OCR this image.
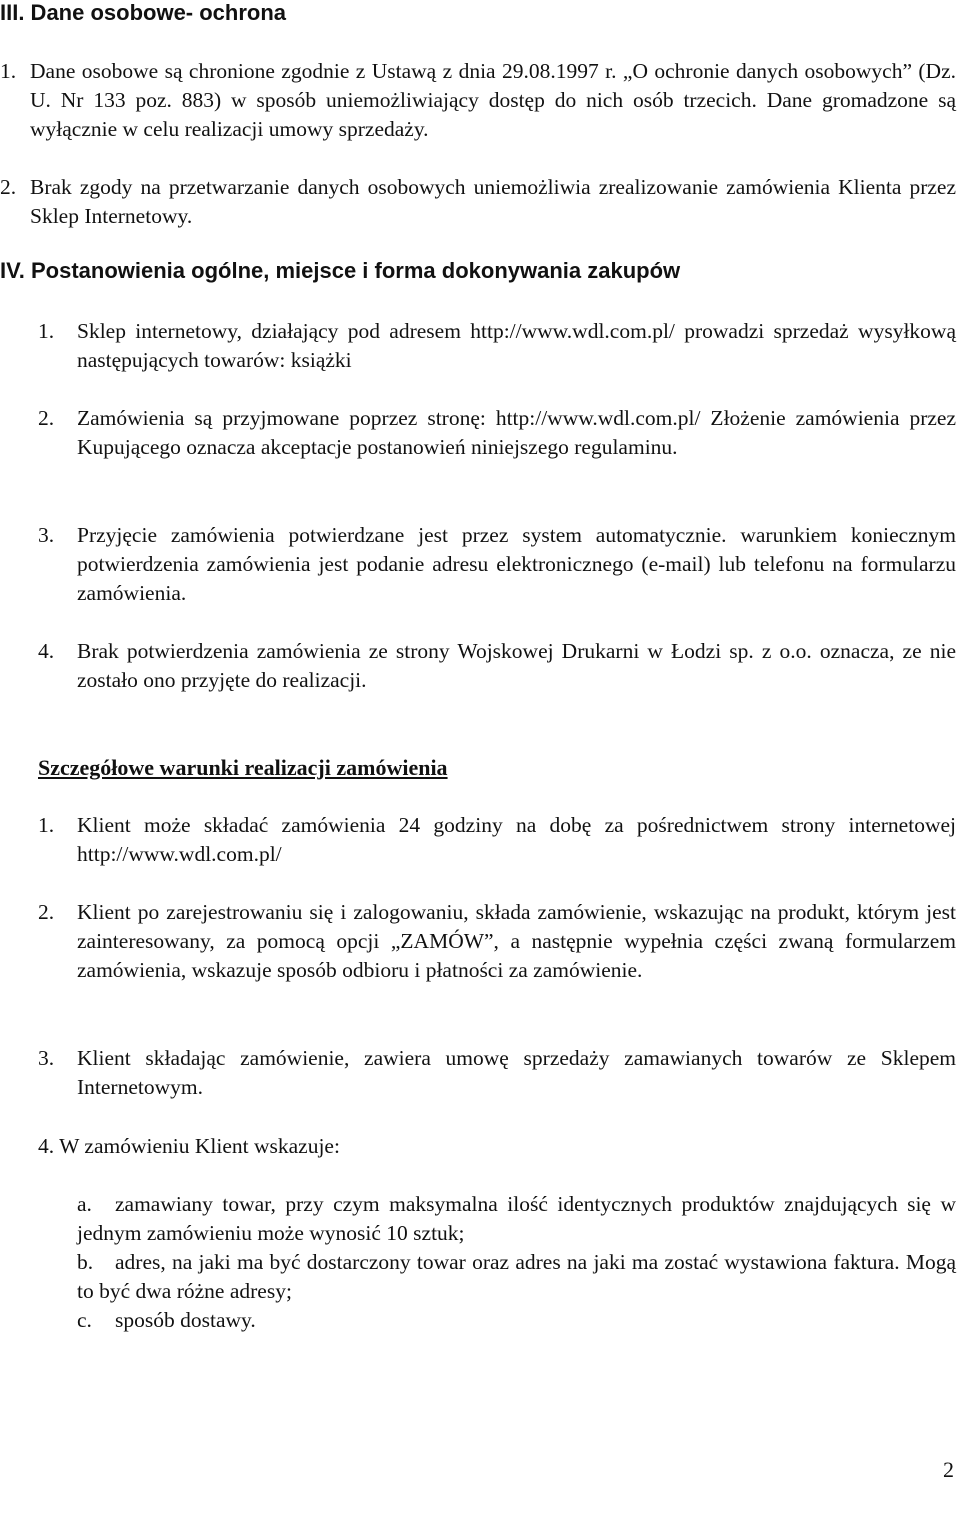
III. Dane osobowe- ochrona
1. Dane osobowe są chronione zgodnie z Ustawą z dnia 29.08.1997 r. „O ochronie danych osobowych” (Dz. U. Nr 133 poz. 883) w sposób uniemożliwiający dostęp do nich osób trzecich. Dane gromadzone są wyłącznie w celu realizacji umowy sprzedaży.
2. Brak zgody na przetwarzanie danych osobowych uniemożliwia zrealizowanie zamówienia Klienta przez Sklep Internetowy.
IV. Postanowienia ogólne, miejsce i forma dokonywania zakupów
1.	Sklep internetowy, działający pod adresem http://www.wdl.com.pl/ prowadzi sprzedaż wysyłkową następujących towarów: książki
2.	Zamówienia są przyjmowane poprzez stronę: http://www.wdl.com.pl/ Złożenie zamówienia przez Kupującego oznacza akceptacje postanowień niniejszego regulaminu.
3.	Przyjęcie zamówienia potwierdzane jest przez system automatycznie. warunkiem koniecznym potwierdzenia zamówienia jest podanie adresu elektronicznego (e-mail) lub telefonu na formularzu zamówienia.
4.	Brak potwierdzenia zamówienia ze strony Wojskowej Drukarni w Łodzi sp. z o.o. oznacza, ze nie zostało ono przyjęte do realizacji.
Szczegółowe warunki realizacji zamówienia
1.	Klient może składać zamówienia 24 godziny na dobę za pośrednictwem strony internetowej http://www.wdl.com.pl/
2.	Klient po zarejestrowaniu się i zalogowaniu, składa zamówienie, wskazując na produkt, którym jest zainteresowany, za pomocą opcji „ZAMÓW”, a następnie wypełnia części zwaną formularzem zamówienia, wskazuje sposób odbioru i płatności za zamówienie.
3.	Klient składając zamówienie, zawiera umowę sprzedaży zamawianych towarów ze Sklepem Internetowym.
4. W zamówieniu Klient wskazuje:
a.	zamawiany towar, przy czym maksymalna ilość identycznych produktów znajdujących się w jednym zamówieniu może wynosić 10 sztuk;
b.	adres, na jaki ma być dostarczony towar oraz adres na jaki ma zostać wystawiona faktura. Mogą to być dwa różne adresy;
c.	sposób dostawy.
2
